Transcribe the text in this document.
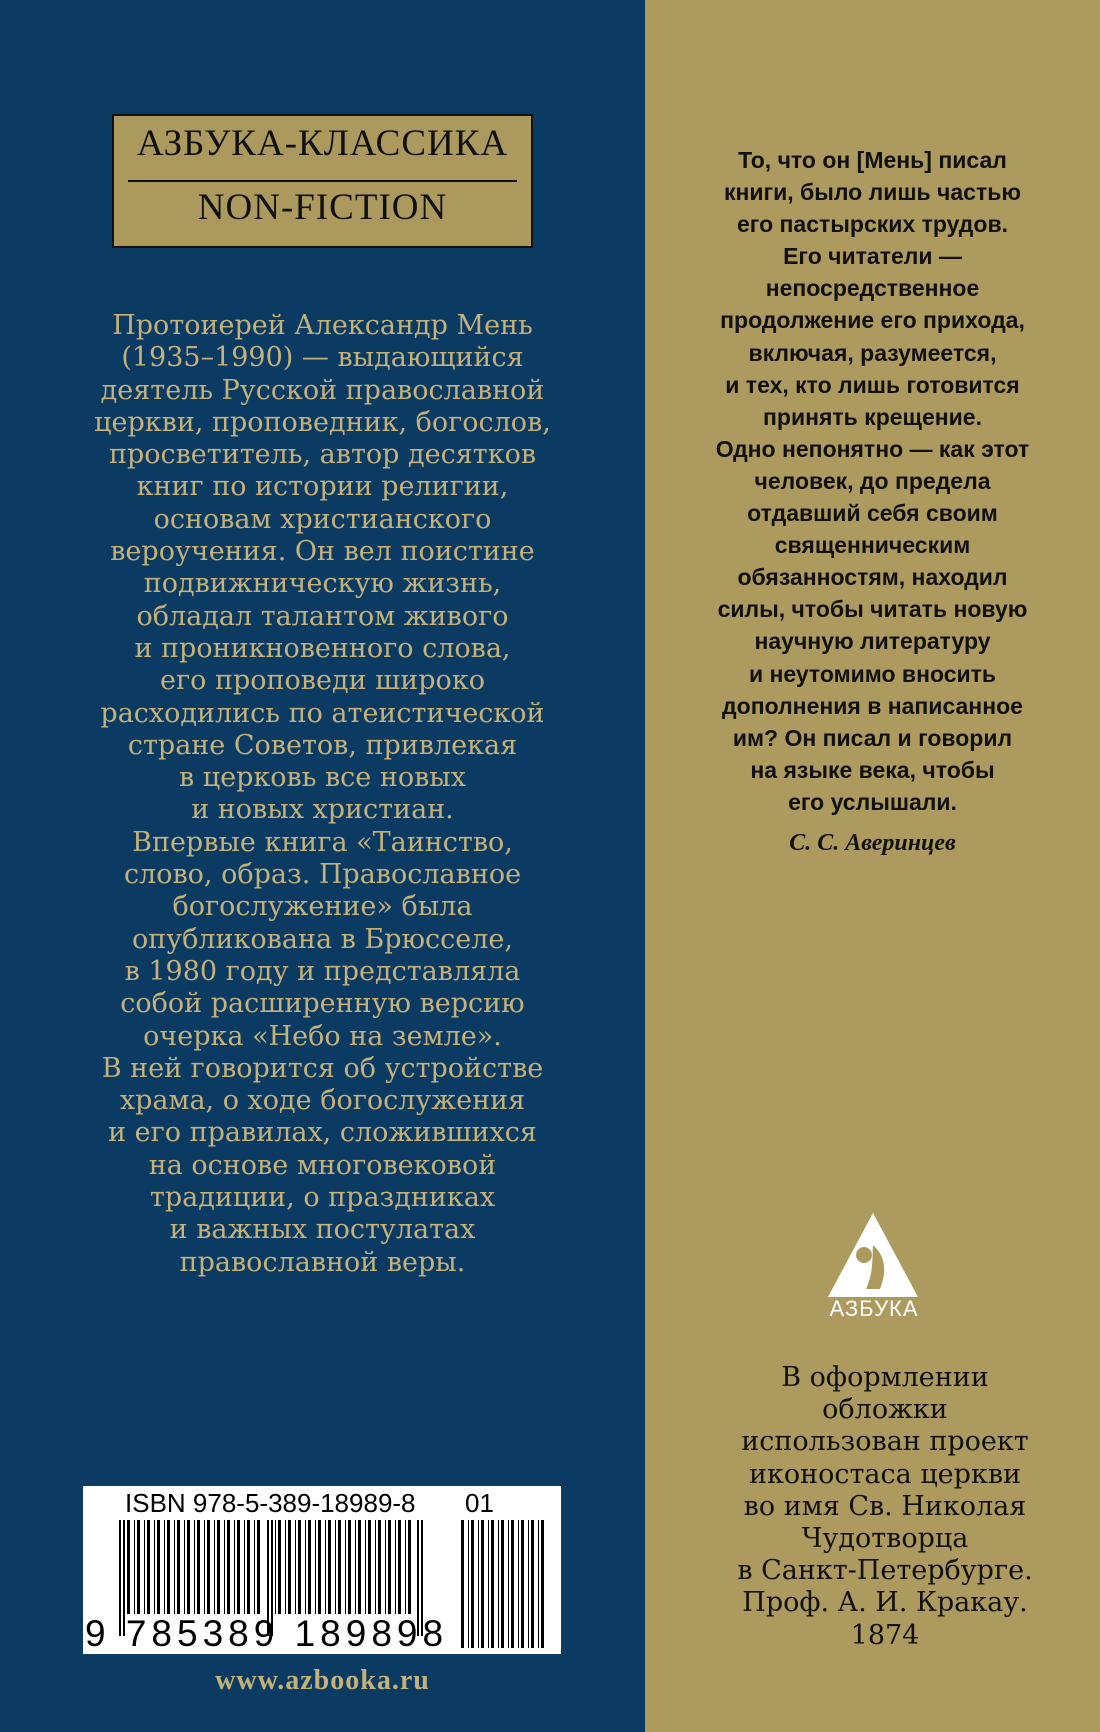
АЗБУКА-КЛАССИКА
NON-FICTION

Протоиерей Александр Мень
(1935–1990) — выдающийся
деятель Русской православной
церкви, проповедник, богослов,
просветитель, автор десятков
книг по истории религии,
основам христианского
вероучения. Он вел поистине
подвижническую жизнь,
обладал талантом живого
и проникновенного слова,
его проповеди широко
расходились по атеистической
стране Советов, привлекая
в церковь все новых
и новых христиан.
Впервые книга «Таинство,
слово, образ. Православное
богослужение» была
опубликована в Брюсселе,
в 1980 году и представляла
собой расширенную версию
очерка «Небо на земле».
В ней говорится об устройстве
храма, о ходе богослужения
и его правилах, сложившихся
на основе многовековой
традиции, о праздниках
и важных постулатах
православной веры.

ISBN 978-5-389-18989-8 01
9 785389 189898
www.azbooka.ru

То, что он [Мень] писал
книги, было лишь частью
его пастырских трудов.
Его читатели —
непосредственное
продолжение его прихода,
включая, разумеется,
и тех, кто лишь готовится
принять крещение.
Одно непонятно — как этот
человек, до предела
отдавший себя своим
священническим
обязанностям, находил
силы, чтобы читать новую
научную литературу
и неутомимо вносить
дополнения в написанное
им? Он писал и говорил
на языке века, чтобы
его услышали.

С. С. Аверинцев
АЗБУКА

В оформлении
обложки
использован проект
иконостаса церкви
во имя Св. Николая
Чудотворца
в Санкт-Петербурге.
Проф. А. И. Кракау.
1874
